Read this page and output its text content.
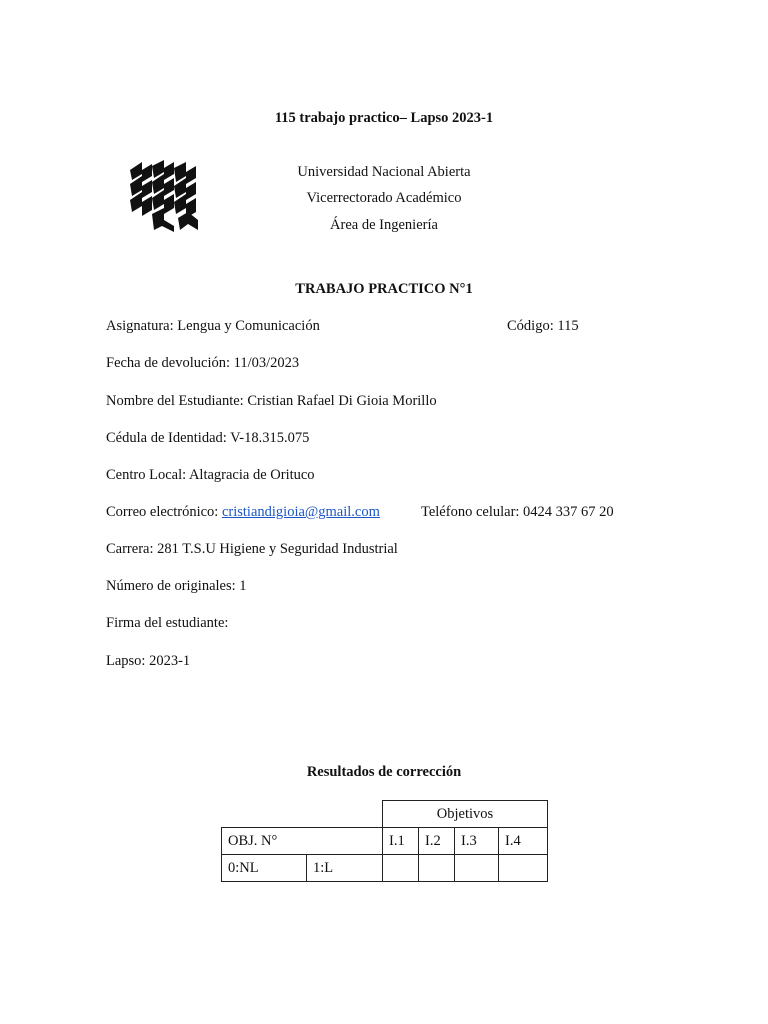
115 trabajo practico– Lapso 2023-1
Universidad Nacional Abierta
Vicerrectorado Académico
Área de Ingeniería
TRABAJO PRACTICO N°1
Asignatura: Lengua y Comunicación	Código: 115
Fecha de devolución: 11/03/2023
Nombre del Estudiante: Cristian Rafael Di Gioia Morillo
Cédula de Identidad: V-18.315.075
Centro Local: Altagracia de Orituco
Correo electrónico: cristiandigioia@gmail.com	Teléfono celular: 0424 337 67 20
Carrera: 281 T.S.U Higiene y Seguridad Industrial
Número de originales: 1
Firma del estudiante:
Lapso: 2023-1
Resultados de corrección
		Objetivos			
OBJ. N°		I.1	I.2	I.3	I.4
0:NL	1:L				
